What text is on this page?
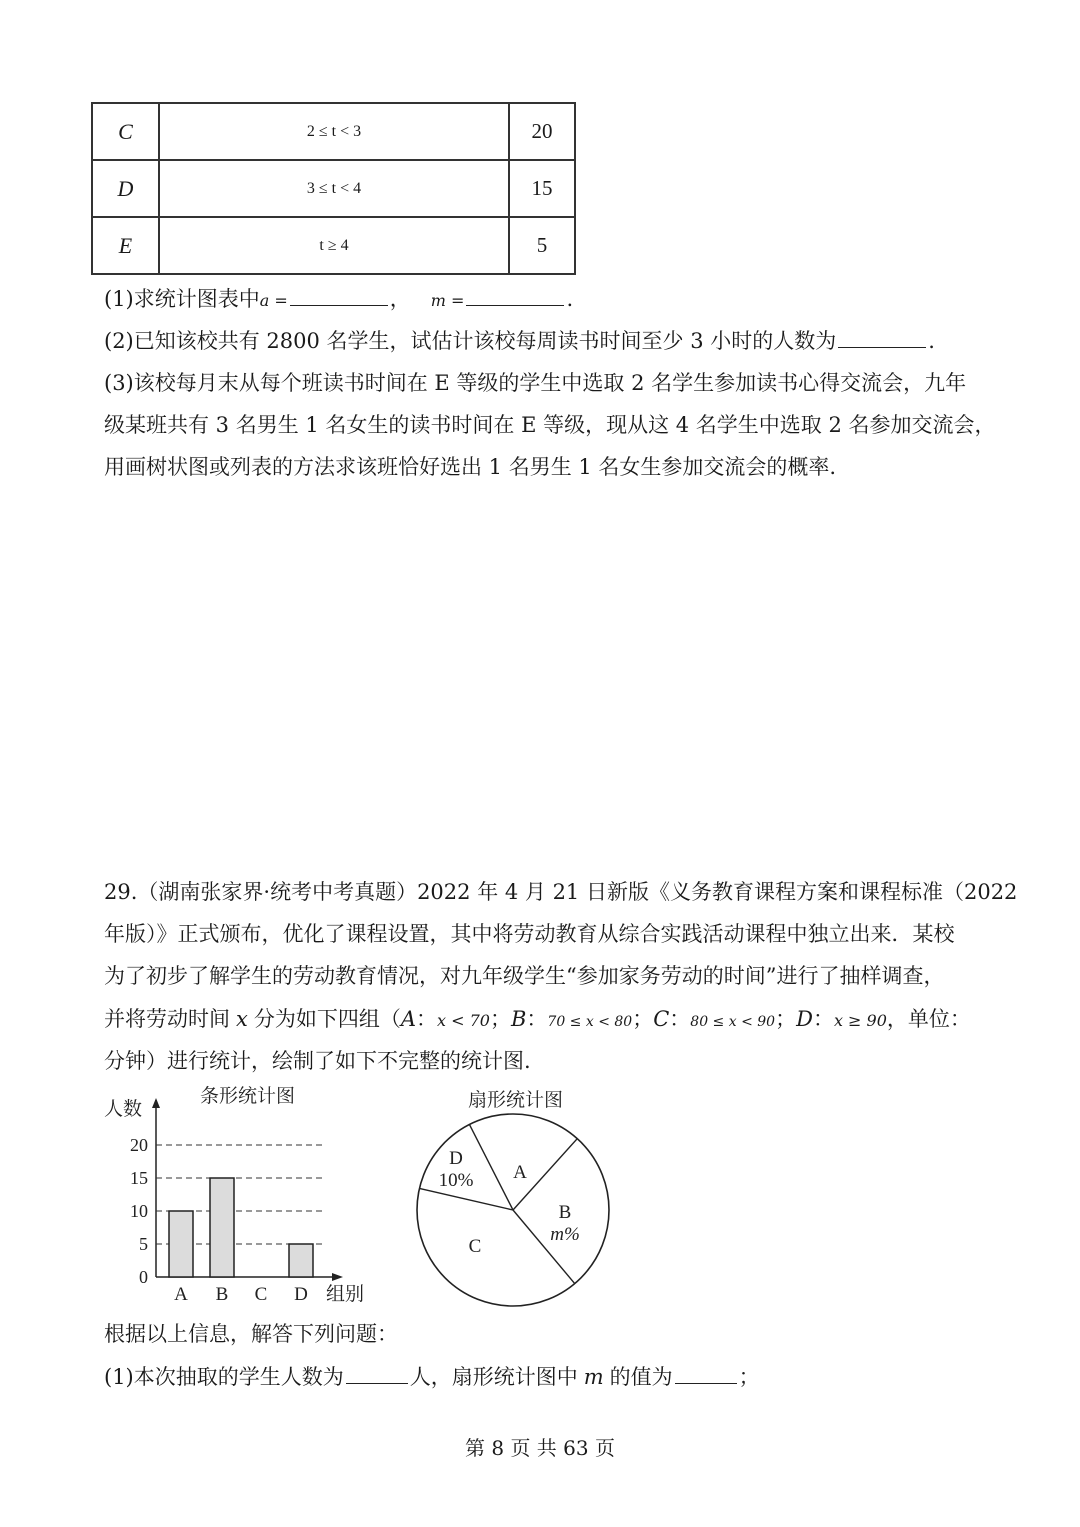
C	2 ≤ t < 3	20
D	3 ≤ t < 4	15
E	t ≥ 4	5
(1)求统计图表中a =	， m =	.
(2)已知该校共有 2800 名学生，试估计该校每周读书时间至少 3 小时的人数为	.
(3)该校每月末从每个班读书时间在 E 等级的学生中选取 2 名学生参加读书心得交流会，九年
级某班共有 3 名男生 1 名女生的读书时间在 E 等级，现从这 4 名学生中选取 2 名参加交流会，
用画树状图或列表的方法求该班恰好选出 1 名男生 1 名女生参加交流会的概率.
29.（湖南张家界·统考中考真题）2022 年 4 月 21 日新版《义务教育课程方案和课程标准（2022
年版）》正式颁布，优化了课程设置，其中将劳动教育从综合实践活动课程中独立出来．某校
为了初步了解学生的劳动教育情况，对九年级学生“参加家务劳动的时间”进行了抽样调查，
并将劳动时间 x 分为如下四组（A：x < 70；B：70 ≤ x < 80；C：80 ≤ x < 90；D：x ≥ 90，单位：
分钟）进行统计，绘制了如下不完整的统计图.
条形统计图
人数
组别
0
5
10
15
20
A B C D
扇形统计图
A
B
m%
C
D
10%
根据以上信息，解答下列问题：
(1)本次抽取的学生人数为	人，扇形统计图中 m 的值为	；
第 8 页 共 63 页
